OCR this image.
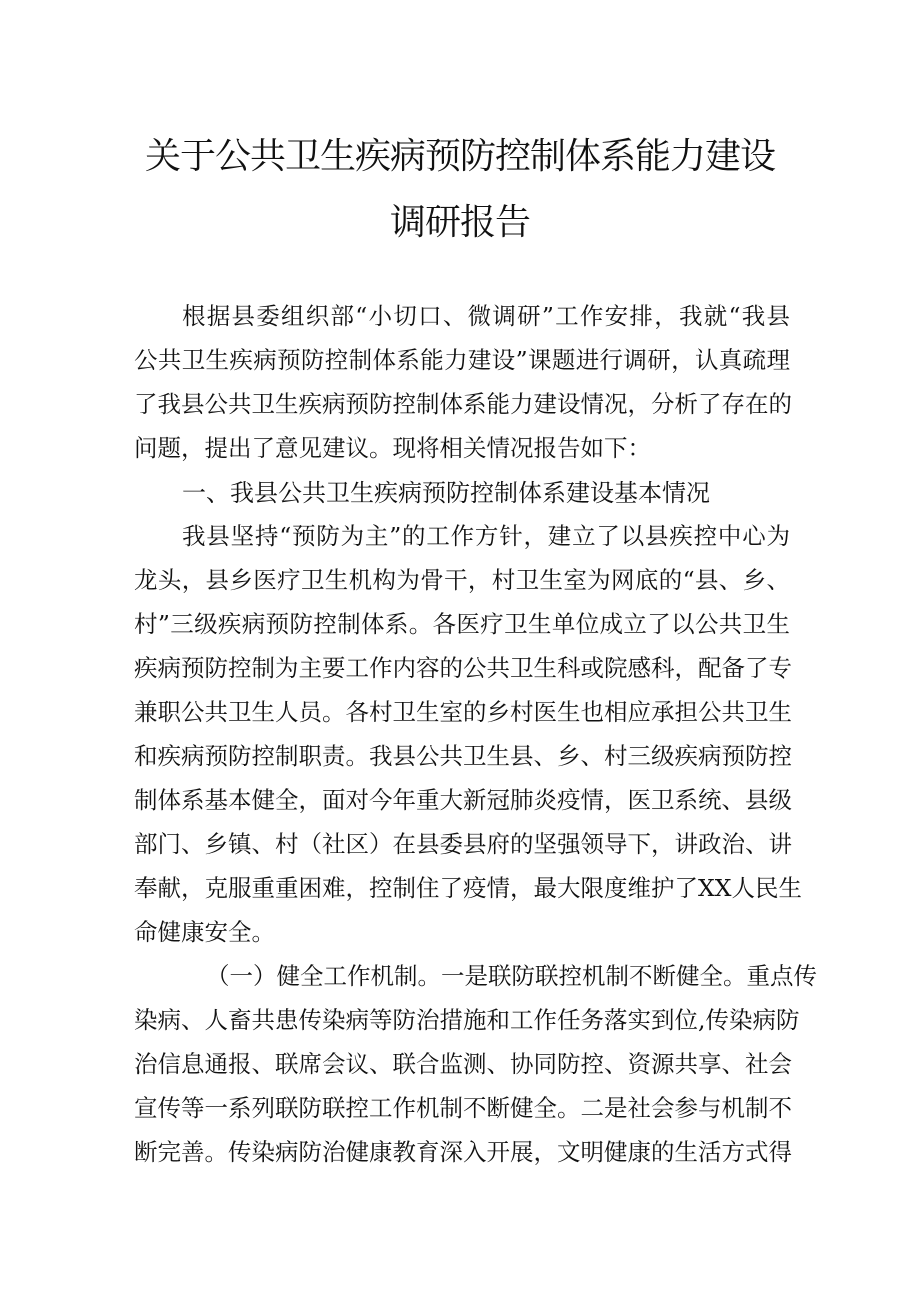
关于公共卫生疾病预防控制体系能力建设
调研报告
根据县委组织部“小切口、微调研”工作安排，我就“我县
公共卫生疾病预防控制体系能力建设”课题进行调研，认真疏理
了我县公共卫生疾病预防控制体系能力建设情况，分析了存在的
问题，提出了意见建议。现将相关情况报告如下：
一、我县公共卫生疾病预防控制体系建设基本情况
我县坚持“预防为主”的工作方针，建立了以县疾控中心为
龙头，县乡医疗卫生机构为骨干，村卫生室为网底的“县、乡、
村”三级疾病预防控制体系。各医疗卫生单位成立了以公共卫生
疾病预防控制为主要工作内容的公共卫生科或院感科，配备了专
兼职公共卫生人员。各村卫生室的乡村医生也相应承担公共卫生
和疾病预防控制职责。我县公共卫生县、乡、村三级疾病预防控
制体系基本健全，面对今年重大新冠肺炎疫情，医卫系统、县级
部门、乡镇、村（社区）在县委县府的坚强领导下，讲政治、讲
奉献，克服重重困难，控制住了疫情，最大限度维护了XX人民生
命健康安全。
（一）健全工作机制。一是联防联控机制不断健全。重点传
染病、人畜共患传染病等防治措施和工作任务落实到位,传染病防
治信息通报、联席会议、联合监测、协同防控、资源共享、社会
宣传等一系列联防联控工作机制不断健全。二是社会参与机制不
断完善。传染病防治健康教育深入开展，文明健康的生活方式得
